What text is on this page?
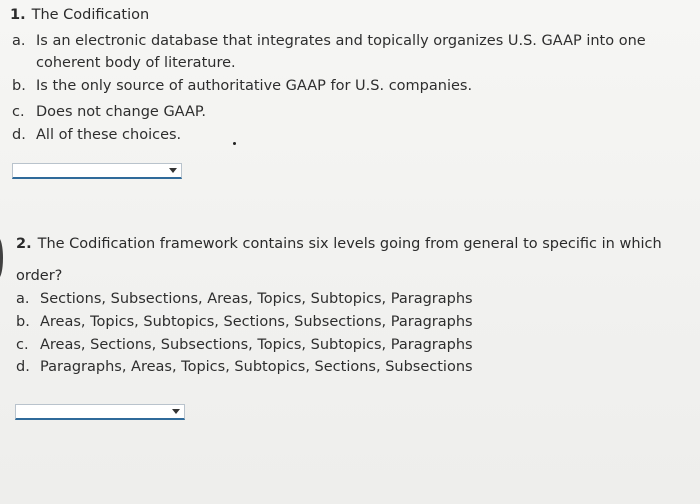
1. The Codification
a. Is an electronic database that integrates and topically organizes U.S. GAAP into one
coherent body of literature.
b. Is the only source of authoritative GAAP for U.S. companies.
c. Does not change GAAP.
d. All of these choices.
2. The Codification framework contains six levels going from general to specific in which
order?
a. Sections, Subsections, Areas, Topics, Subtopics, Paragraphs
b. Areas, Topics, Subtopics, Sections, Subsections, Paragraphs
c. Areas, Sections, Subsections, Topics, Subtopics, Paragraphs
d. Paragraphs, Areas, Topics, Subtopics, Sections, Subsections
